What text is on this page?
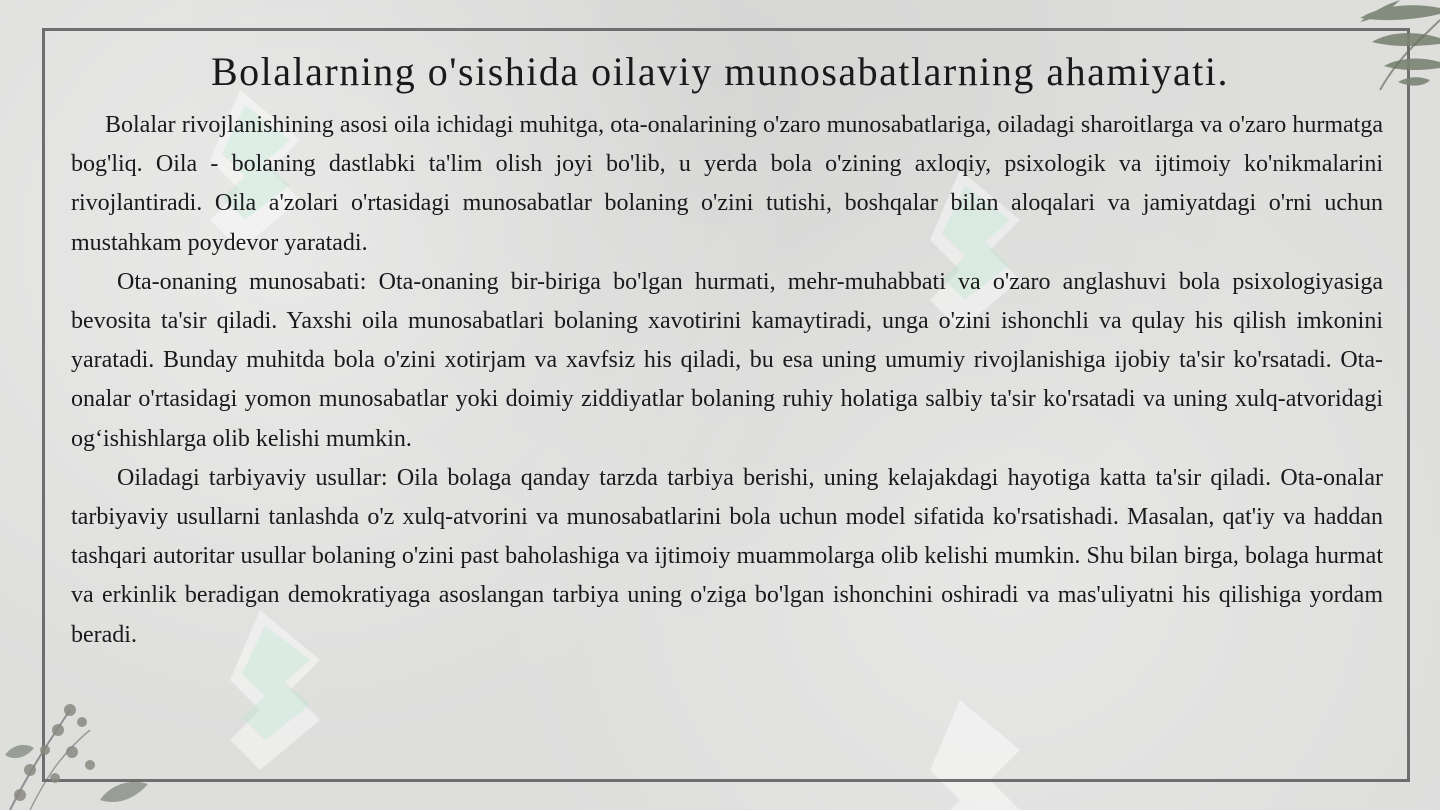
Bolalarning o'sishida oilaviy munosabatlarning ahamiyati.

Bolalar rivojlanishining asosi oila ichidagi muhitga, ota-onalarining o'zaro munosabatlariga, oiladagi sharoitlarga va o'zaro hurmatga bog'liq. Oila - bolaning dastlabki ta'lim olish joyi bo'lib, u yerda bola o'zining axloqiy, psixologik va ijtimoiy ko'nikmalarini rivojlantiradi. Oila a'zolari o'rtasidagi munosabatlar bolaning o'zini tutishi, boshqalar bilan aloqalari va jamiyatdagi o'rni uchun mustahkam poydevor yaratadi.

Ota-onaning munosabati: Ota-onaning bir-biriga bo'lgan hurmati, mehr-muhabbati va o'zaro anglashuvi bola psixologiyasiga bevosita ta'sir qiladi. Yaxshi oila munosabatlari bolaning xavotirini kamaytiradi, unga o'zini ishonchli va qulay his qilish imkonini yaratadi. Bunday muhitda bola o'zini xotirjam va xavfsiz his qiladi, bu esa uning umumiy rivojlanishiga ijobiy ta'sir ko'rsatadi. Ota-onalar o'rtasidagi yomon munosabatlar yoki doimiy ziddiyatlar bolaning ruhiy holatiga salbiy ta'sir ko'rsatadi va uning xulq-atvoridagi og‘ishishlarga olib kelishi mumkin.

Oiladagi tarbiyaviy usullar: Oila bolaga qanday tarzda tarbiya berishi, uning kelajakdagi hayotiga katta ta'sir qiladi. Ota-onalar tarbiyaviy usullarni tanlashda o'z xulq-atvorini va munosabatlarini bola uchun model sifatida ko'rsatishadi. Masalan, qat'iy va haddan tashqari autoritar usullar bolaning o'zini past baholashiga va ijtimoiy muammolarga olib kelishi mumkin. Shu bilan birga, bolaga hurmat va erkinlik beradigan demokratiyaga asoslangan tarbiya uning o'ziga bo'lgan ishonchini oshiradi va mas'uliyatni his qilishiga yordam beradi.
